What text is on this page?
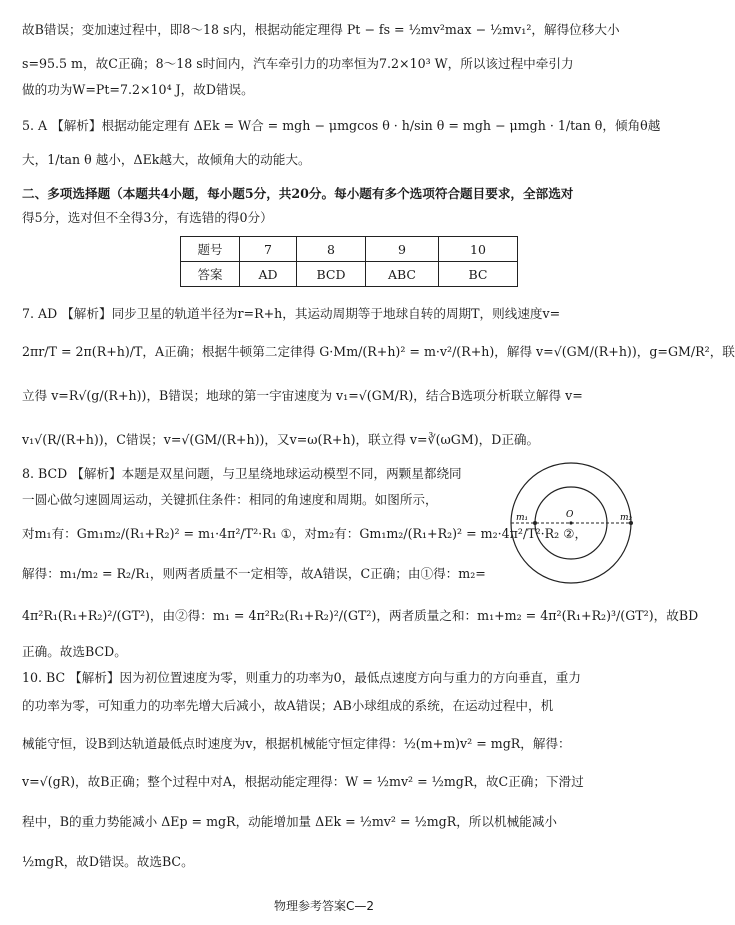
故B错误；变加速过程中，即8～18 s内，根据动能定理得 Pt − fs = ½mv²max − ½mv₁²，解得位移大小
s=95.5 m，故C正确；8～18 s时间内，汽车牵引力的功率恒为7.2×10³ W，所以该过程中牵引力
做的功为W=Pt=7.2×10⁴ J，故D错误。
5. A 【解析】根据动能定理有 ΔEk = W合 = mgh − μmgcos θ · h/sin θ = mgh − μmgh · 1/tan θ，倾角θ越
大，1/tan θ 越小，ΔEk越大，故倾角大的动能大。
二、多项选择题（本题共4小题，每小题5分，共20分。每小题有多个选项符合题目要求，全部选对
得5分，选对但不全得3分，有选错的得0分）
题号	7	8	9	10
答案	AD	BCD	ABC	BC
7. AD 【解析】同步卫星的轨道半径为r=R+h，其运动周期等于地球自转的周期T，则线速度v=
2πr/T = 2π(R+h)/T，A正确；根据牛顿第二定律得 G·Mm/(R+h)² = m·v²/(R+h)，解得 v=√(GM/(R+h))，g=GM/R²，联
立得 v=R√(g/(R+h))，B错误；地球的第一宇宙速度为 v₁=√(GM/R)，结合B选项分析联立解得 v=
v₁√(R/(R+h))，C错误；v=√(GM/(R+h))，又v=ω(R+h)，联立得 v=∛(ωGM)，D正确。
8. BCD 【解析】本题是双星问题，与卫星绕地球运动模型不同，两颗星都绕同
一圆心做匀速圆周运动，关键抓住条件：相同的角速度和周期。如图所示，
对m₁有：Gm₁m₂/(R₁+R₂)² = m₁·4π²/T²·R₁ ①，对m₂有：Gm₁m₂/(R₁+R₂)² = m₂·4π²/T²·R₂ ②，
解得：m₁/m₂ = R₂/R₁，则两者质量不一定相等，故A错误，C正确；由①得：m₂=
4π²R₁(R₁+R₂)²/(GT²)，由②得：m₁ = 4π²R₂(R₁+R₂)²/(GT²)，两者质量之和：m₁+m₂ = 4π²(R₁+R₂)³/(GT²)，故BD
正确。故选BCD。
10. BC 【解析】因为初位置速度为零，则重力的功率为0，最低点速度方向与重力的方向垂直，重力
的功率为零，可知重力的功率先增大后减小，故A错误；AB小球组成的系统，在运动过程中，机
械能守恒，设B到达轨道最低点时速度为v，根据机械能守恒定律得：½(m+m)v² = mgR，解得：
v=√(gR)，故B正确；整个过程中对A，根据动能定理得：W = ½mv² = ½mgR，故C正确；下滑过
程中，B的重力势能减小 ΔEp = mgR，动能增加量 ΔEk = ½mv² = ½mgR，所以机械能减小
½mgR，故D错误。故选BC。
m₁	O	m₂
物理参考答案C—2
